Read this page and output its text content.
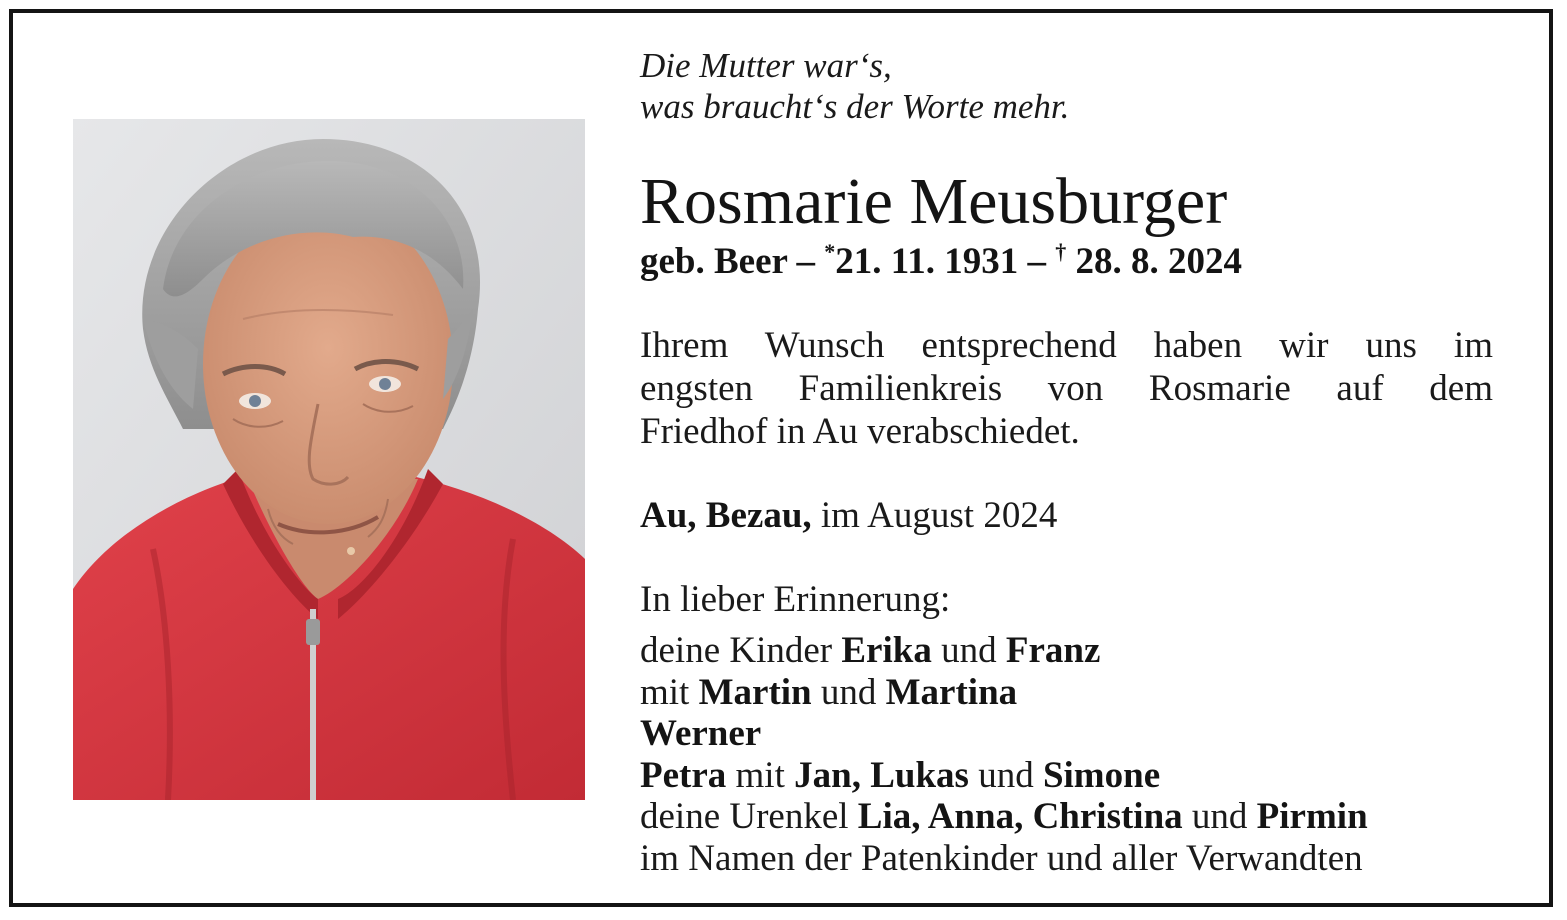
Die Mutter war‘s,
was braucht‘s der Worte mehr.
Rosmarie Meusburger
geb. Beer – *21. 11. 1931 – † 28. 8. 2024
Ihrem Wunsch entsprechend haben wir uns im
engsten Familienkreis von Rosmarie auf dem
Friedhof in Au verabschiedet.
Au, Bezau, im August 2024
In lieber Erinnerung:
deine Kinder Erika und Franz
mit Martin und Martina
Werner
Petra mit Jan, Lukas und Simone
deine Urenkel Lia, Anna, Christina und Pirmin
im Namen der Patenkinder und aller Verwandten
